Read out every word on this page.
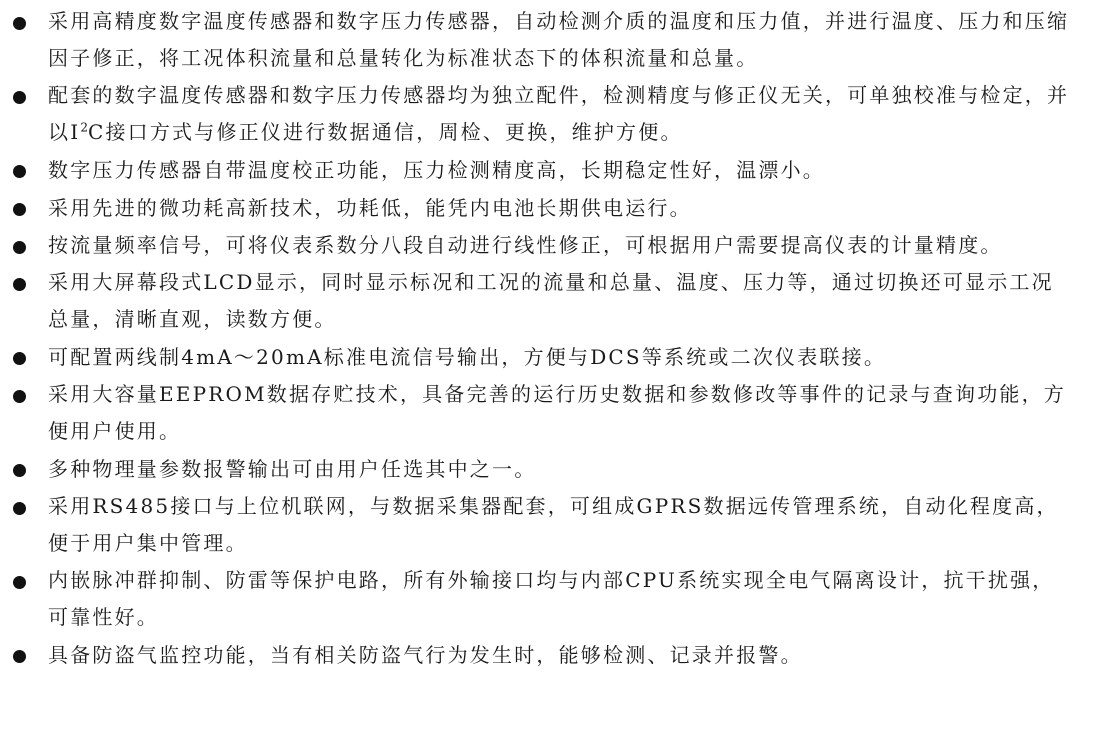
采用高精度数字温度传感器和数字压力传感器，自动检测介质的温度和压力值，并进行温度、压力和压缩因子修正，将工况体积流量和总量转化为标准状态下的体积流量和总量。
配套的数字温度传感器和数字压力传感器均为独立配件，检测精度与修正仪无关，可单独校准与检定，并以$I^2C$接口方式与修正仪进行数据通信，周检、更换，维护方便。
数字压力传感器自带温度校正功能，压力检测精度高，长期稳定性好，温漂小。
采用先进的微功耗高新技术，功耗低，能凭内电池长期供电运行。
按流量频率信号，可将仪表系数分八段自动进行线性修正，可根据用户需要提高仪表的计量精度。
采用大屏幕段式LCD显示，同时显示标况和工况的流量和总量、温度、压力等，通过切换还可显示工况总量，清晰直观，读数方便。
可配置两线制4mA～20mA标准电流信号输出，方便与DCS等系统或二次仪表联接。
采用大容量EEPROM数据存贮技术，具备完善的运行历史数据和参数修改等事件的记录与查询功能，方便用户使用。
多种物理量参数报警输出可由用户任选其中之一。
采用RS485接口与上位机联网，与数据采集器配套，可组成GPRS数据远传管理系统，自动化程度高，便于用户集中管理。
内嵌脉冲群抑制、防雷等保护电路，所有外输接口均与内部CPU系统实现全电气隔离设计，抗干扰强，可靠性好。
具备防盗气监控功能，当有相关防盗气行为发生时，能够检测、记录并报警。
